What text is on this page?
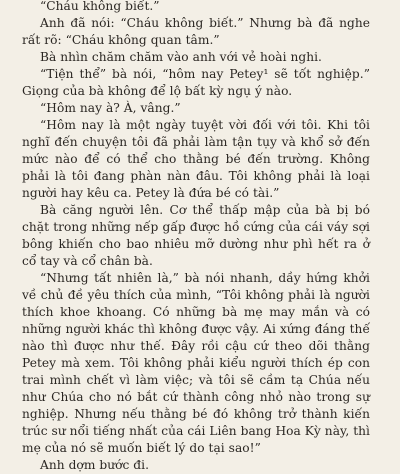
“Cháu không biết.”

Anh đã nói: “Cháu không biết.” Nhưng bà đã nghe rất rõ: “Cháu không quan tâm.”

Bà nhìn chăm chăm vào anh với vẻ hoài nghi.

“Tiện thể” bà nói, “hôm nay Petey¹ sẽ tốt nghiệp.” Giọng của bà không để lộ bất kỳ ngụ ý nào.

“Hôm nay à? À, vâng.”

“Hôm nay là một ngày tuyệt vời đối với tôi. Khi tôi nghĩ đến chuyện tôi đã phải làm tận tụy và khổ sở đến mức nào để có thể cho thằng bé đến trường. Không phải là tôi đang phàn nàn đâu. Tôi không phải là loại người hay kêu ca. Petey là đứa bé có tài.”

Bà căng người lên. Cơ thể thấp mập của bà bị bó chặt trong những nếp gấp được hồ cứng của cái váy sợi bông khiến cho bao nhiêu mỡ dường như phì hết ra ở cổ tay và cổ chân bà.

“Nhưng tất nhiên là,” bà nói nhanh, dầy hứng khởi về chủ đề yêu thích của mình, “Tôi không phải là người thích khoe khoang. Có những bà mẹ may mắn và có những người khác thì không được vậy. Ai xứng đáng thế nào thì được như thế. Đây rồi cậu cứ theo dõi thằng Petey mà xem. Tôi không phải kiểu người thích ép con trai mình chết vì làm việc; và tôi sẽ cầm tạ Chúa nếu như Chúa cho nó bắt cứ thành công nhỏ nào trong sự nghiệp. Nhưng nếu thằng bé đó không trở thành kiến trúc sư nổi tiếng nhất của cái Liên bang Hoa Kỳ này, thì mẹ của nó sẽ muốn biết lý do tại sao!”

Anh dợm bước đi.
